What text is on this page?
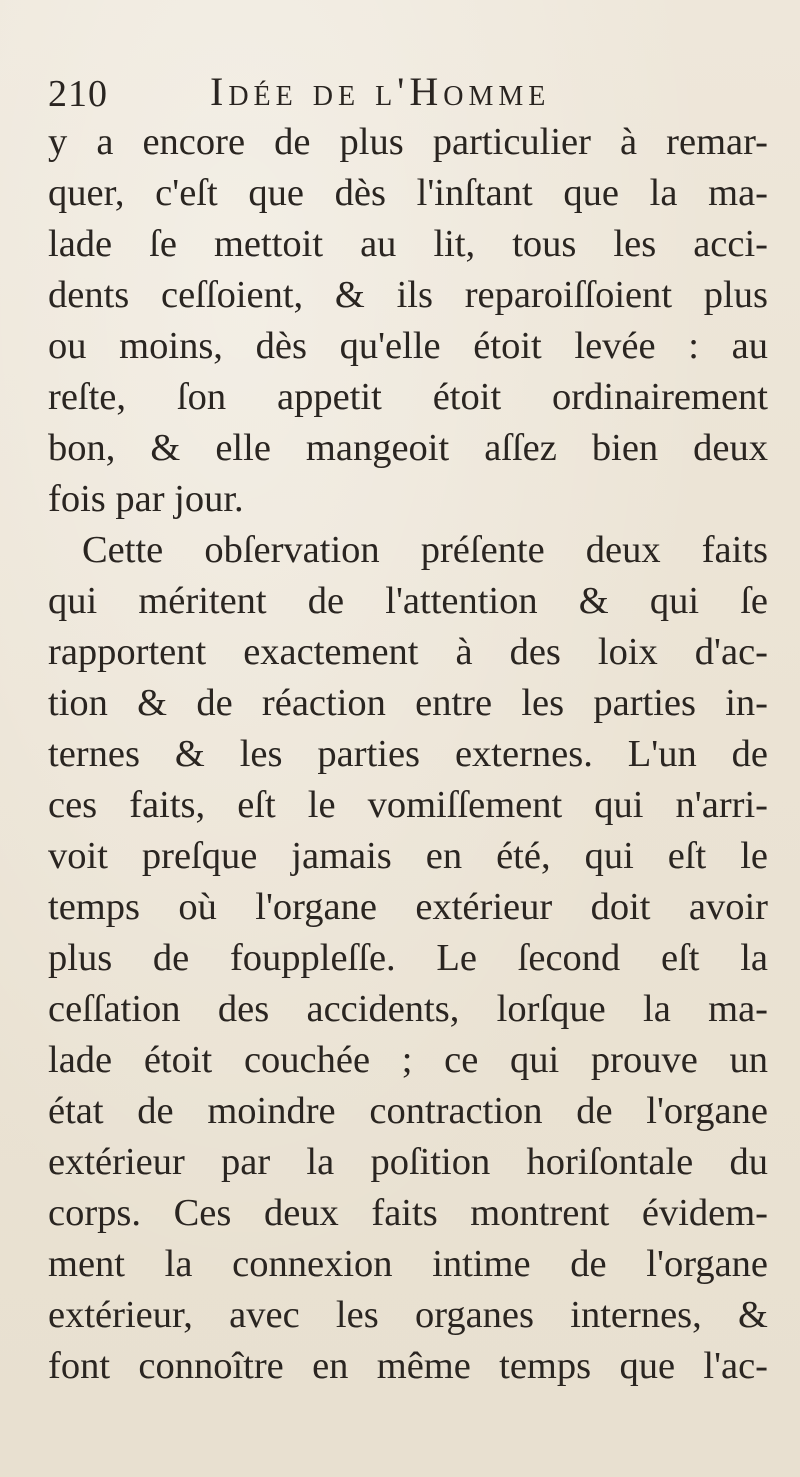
210	Idée de l'Homme
y a encore de plus particulier à remar-
quer, c'eſt que dès l'inſtant que la ma-
lade ſe mettoit au lit, tous les acci-
dents ceſſoient, & ils reparoiſſoient plus
ou moins, dès qu'elle étoit levée : au
reſte, ſon appetit étoit ordinairement
bon, & elle mangeoit aſſez bien deux
fois par jour.
Cette obſervation préſente deux faits
qui méritent de l'attention & qui ſe
rapportent exactement à des loix d'ac-
tion & de réaction entre les parties in-
ternes & les parties externes. L'un de
ces faits, eſt le vomiſſement qui n'arri-
voit preſque jamais en été, qui eſt le
temps où l'organe extérieur doit avoir
plus de fouppleſſe. Le ſecond eſt la
ceſſation des accidents, lorſque la ma-
lade étoit couchée ; ce qui prouve un
état de moindre contraction de l'organe
extérieur par la poſition horiſontale du
corps. Ces deux faits montrent évidem-
ment la connexion intime de l'organe
extérieur, avec les organes internes, &
font connoître en même temps que l'ac-
